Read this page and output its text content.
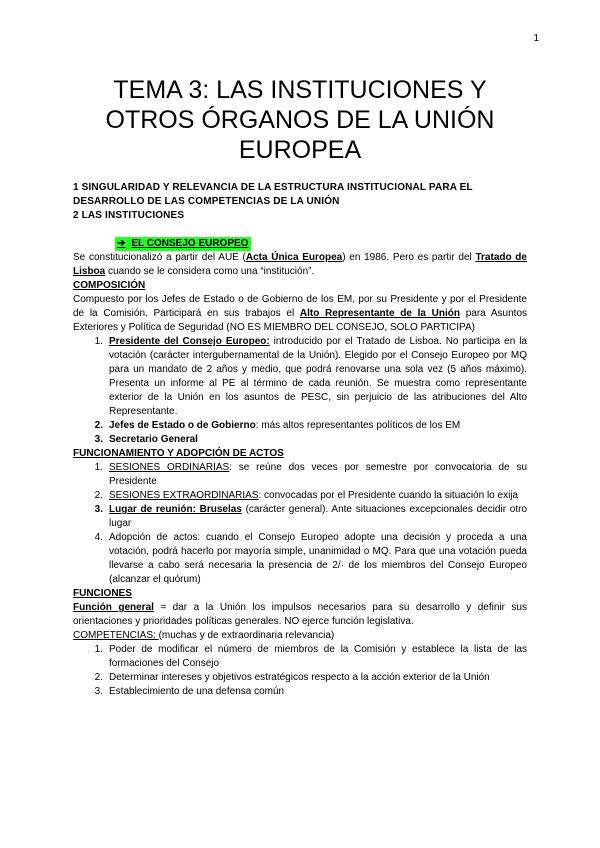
1
TEMA 3: LAS INSTITUCIONES Y
OTROS ÓRGANOS DE LA UNIÓN
EUROPEA
1 SINGULARIDAD Y RELEVANCIA DE LA ESTRUCTURA INSTITUCIONAL PARA EL
DESARROLLO DE LAS COMPETENCIAS DE LA UNIÓN
2 LAS INSTITUCIONES
➔ EL CONSEJO EUROPEO
Se constitucionalizó a partir del AUE (Acta Única Europea) en 1986. Pero es partir del Tratado de Lisboa cuando se le considera como una “institución”.
COMPOSICIÓN
Compuesto por los Jefes de Estado o de Gobierno de los EM, por su Presidente y por el Presidente de la Comisión. Participará en sus trabajos el Alto Representante de la Unión para Asuntos Exteriores y Política de Seguridad (NO ES MIEMBRO DEL CONSEJO, SOLO PARTICIPA)
1. Presidente del Consejo Europeo: introducido por el Tratado de Lisboa. No participa en la votación (carácter intergubernamental de la Unión). Elegido por el Consejo Europeo por MQ para un mandato de 2 años y medio, que podrá renovarse una sola vez (5 años máximo). Presenta un informe al PE al término de cada reunión. Se muestra como representante exterior de la Unión en los asuntos de PESC, sin perjuicio de las atribuciones del Alto Representante.
2. Jefes de Estado o de Gobierno: más altos representantes políticos de los EM
3. Secretario General
FUNCIONAMIENTO Y ADOPCIÓN DE ACTOS
1. SESIONES ORDINARIAS: se reúne dos veces por semestre por convocatoria de su Presidente
2. SESIONES EXTRAORDINARIAS: convocadas por el Presidente cuando la situación lo exija
3. Lugar de reunión: Bruselas (carácter general). Ante situaciones excepcionales decidir otro lugar
4. Adopción de actos: cuando el Consejo Europeo adopte una decisión y proceda a una votación, podrá hacerlo por mayoría simple, unanimidad o MQ. Para que una votación pueda llevarse a cabo será necesaria la presencia de 2/· de los miembros del Consejo Europeo (alcanzar el quórum)
FUNCIONES
Función general = dar a la Unión los impulsos necesarios para su desarrollo y definir sus orientaciones y prioridades políticas generales. NO ejerce función legislativa.
COMPETENCIAS: (muchas y de extraordinaria relevancia)
1. Poder de modificar el número de miembros de la Comisión y establece la lista de las formaciones del Consejo
2. Determinar intereses y objetivos estratégicos respecto a la acción exterior de la Unión
3. Establecimiento de una defensa común
